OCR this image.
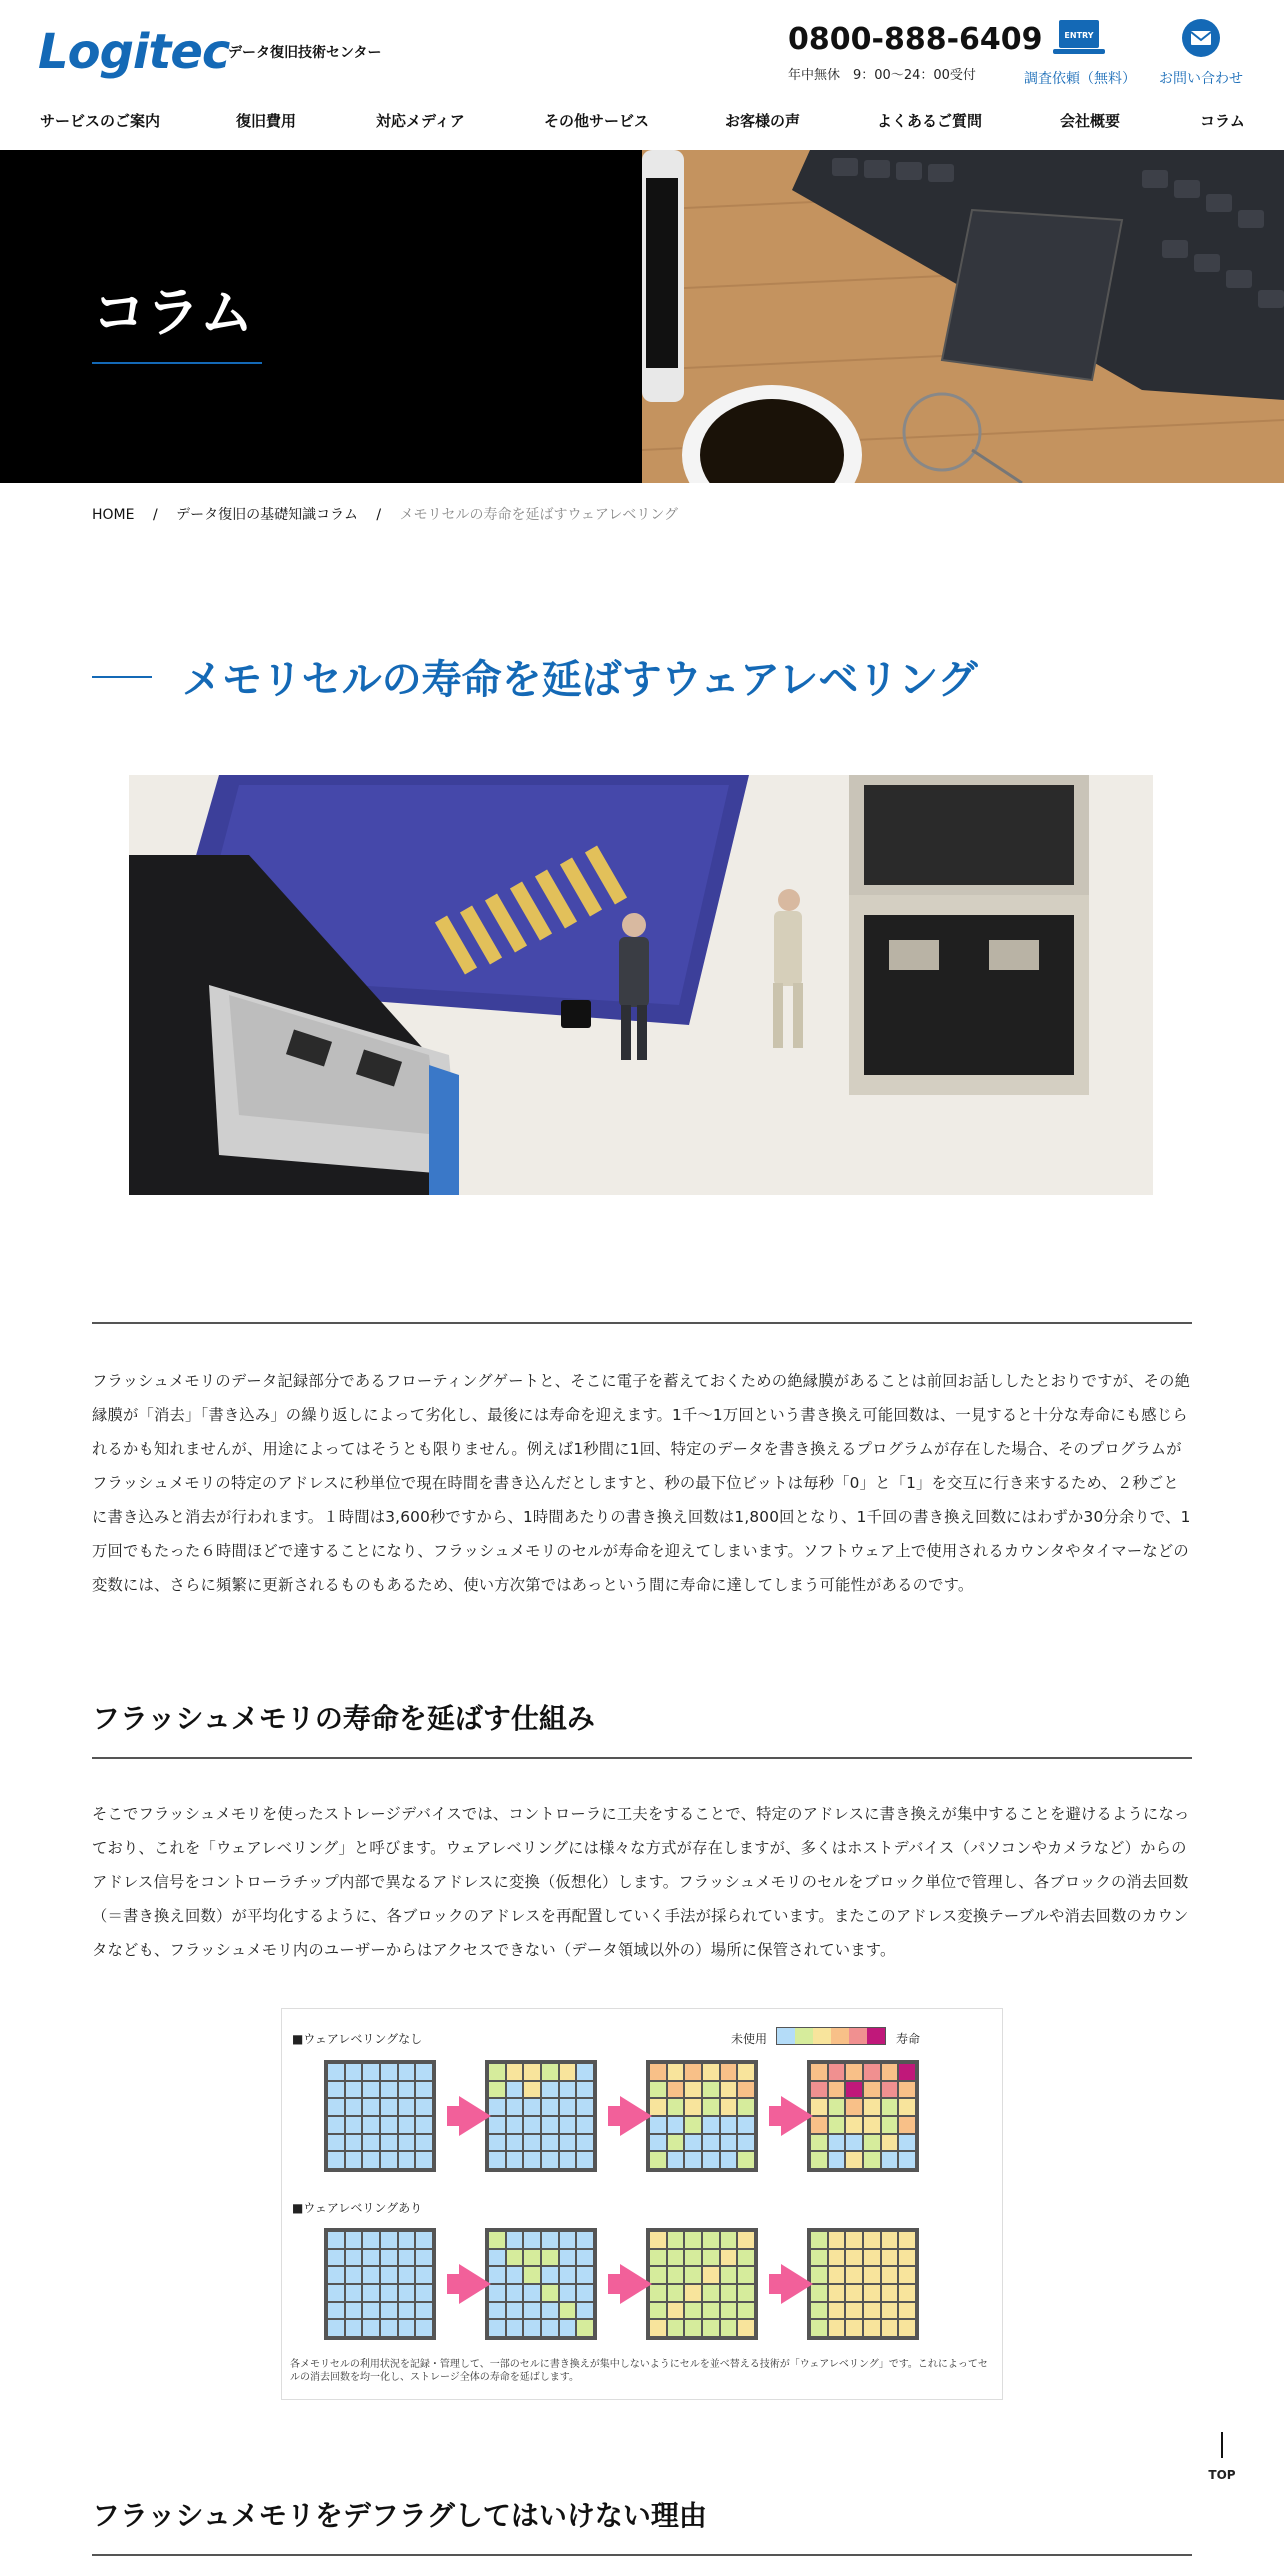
Logitec
データ復旧技術センター	0800-888-6409
年中無休　9：00〜24：00受付
ENTRY
調査依頼（無料）	お問い合わせ
サービスのご案内	復旧費用	対応メディア	その他サービス	お客様の声	よくあるご質問	会社概要	コラム
コラム
HOME / データ復旧の基礎知識コラム / メモリセルの寿命を延ばすウェアレベリング
メモリセルの寿命を延ばすウェアレベリング

フラッシュメモリのデータ記録部分であるフローティングゲートと、そこに電子を蓄えておくための絶縁膜があることは前回お話ししたとおりですが、その絶縁膜が「消去」「書き込み」の繰り返しによって劣化し、最後には寿命を迎えます。1千〜1万回という書き換え可能回数は、一見すると十分な寿命にも感じられるかも知れませんが、用途によってはそうとも限りません。例えば1秒間に1回、特定のデータを書き換えるプログラムが存在した場合、そのプログラムがフラッシュメモリの特定のアドレスに秒単位で現在時間を書き込んだとしますと、秒の最下位ビットは毎秒「0」と「1」を交互に行き来するため、２秒ごとに書き込みと消去が行われます。１時間は3,600秒ですから、1時間あたりの書き換え回数は1,800回となり、1千回の書き換え回数にはわずか30分余りで、1万回でもたった６時間ほどで達することになり、フラッシュメモリのセルが寿命を迎えてしまいます。ソフトウェア上で使用されるカウンタやタイマーなどの変数には、さらに頻繁に更新されるものもあるため、使い方次第ではあっという間に寿命に達してしまう可能性があるのです。

フラッシュメモリの寿命を延ばす仕組み

そこでフラッシュメモリを使ったストレージデバイスでは、コントローラに工夫をすることで、特定のアドレスに書き換えが集中することを避けるようになっており、これを「ウェアレベリング」と呼びます。ウェアレベリングには様々な方式が存在しますが、多くはホストデバイス（パソコンやカメラなど）からのアドレス信号をコントローラチップ内部で異なるアドレスに変換（仮想化）します。フラッシュメモリのセルをブロック単位で管理し、各ブロックの消去回数（＝書き換え回数）が平均化するように、各ブロックのアドレスを再配置していく手法が採られています。またこのアドレス変換テーブルや消去回数のカウンタなども、フラッシュメモリ内のユーザーからはアクセスできない（データ領域以外の）場所に保管されています。

■ウェアレベリングなし	未使用	寿命
■ウェアレベリングあり
各メモリセルの利用状況を記録・管理して、一部のセルに書き換えが集中しないようにセルを並べ替える技術が「ウェアレベリング」です。これによってセルの消去回数を均一化し、ストレージ全体の寿命を延ばします。
フラッシュメモリをデフラグしてはいけない理由
TOP
